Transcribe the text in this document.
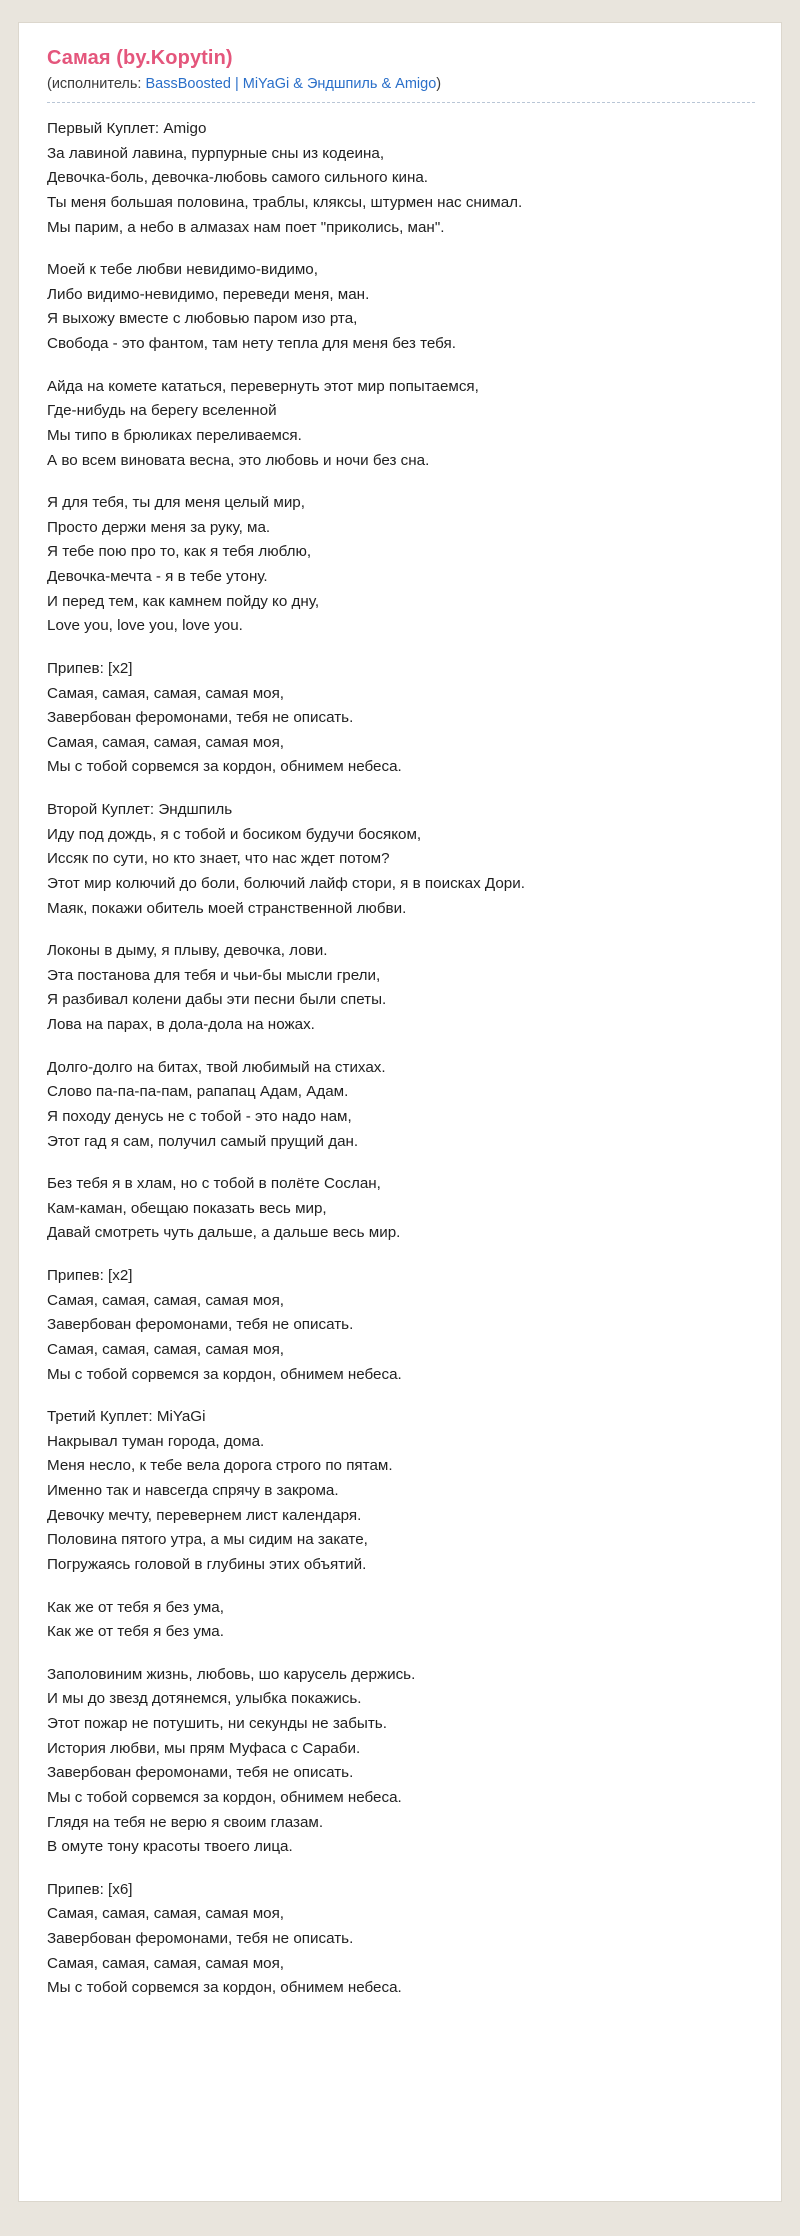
Самая (by.Kopytin)
(исполнитель: BassBoosted | MiYaGi & Эндшпиль & Amigo)
Первый Куплет: Amigo
За лавиной лавина, пурпурные сны из кодеина,
Девочка-боль, девочка-любовь самого сильного кина.
Ты меня большая половина, траблы, кляксы, штурмен нас снимал.
Мы парим, а небо в алмазах нам поет "приколись, ман".
Моей к тебе любви невидимо-видимо,
Либо видимо-невидимо, переведи меня, ман.
Я выхожу вместе с любовью паром изо рта,
Свобода - это фантом, там нету тепла для меня без тебя.
Айда на комете кататься, перевернуть этот мир попытаемся,
Где-нибудь на берегу вселенной
Мы типо в брюликах переливаемся.
А во всем виновата весна, это любовь и ночи без сна.
Я для тебя, ты для меня целый мир,
Просто держи меня за руку, ма.
Я тебе пою про то, как я тебя люблю,
Девочка-мечта - я в тебе утону.
И перед тем, как камнем пойду ко дну,
Love you, love you, love you.
Припев: [х2]
Самая, самая, самая, самая моя,
Завербован феромонами, тебя не описать.
Самая, самая, самая, самая моя,
Мы с тобой сорвемся за кордон, обнимем небеса.
Второй Куплет: Эндшпиль
Иду под дождь, я с тобой и босиком будучи босяком,
Иссяк по сути, но кто знает, что нас ждет потом?
Этот мир колючий до боли, болючий лайф стори, я в поисках Дори.
Маяк, покажи обитель моей странственной любви.
Локоны в дыму, я плыву, девочка, лови.
Эта постанова для тебя и чьи-бы мысли грели,
Я разбивал колени дабы эти песни были спеты.
Лова на парах, в дола-дола на ножах.
Долго-долго на битах, твой любимый на стихах.
Слово па-па-па-пам, рапапац Адам, Адам.
Я походу денусь не с тобой - это надо нам,
Этот гад я сам, получил самый прущий дан.
Без тебя я в хлам, но с тобой в полёте Сослан,
Кам-каман, обещаю показать весь мир,
Давай смотреть чуть дальше, а дальше весь мир.
Припев: [х2]
Самая, самая, самая, самая моя,
Завербован феромонами, тебя не описать.
Самая, самая, самая, самая моя,
Мы с тобой сорвемся за кордон, обнимем небеса.
Третий Куплет: MiYaGi
Накрывал туман города, дома.
Меня несло, к тебе вела дорога строго по пятам.
Именно так и навсегда спрячу в закрома.
Девочку мечту, перевернем лист календаря.
Половина пятого утра, а мы сидим на закате,
Погружаясь головой в глубины этих объятий.
Как же от тебя я без ума,
Как же от тебя я без ума.
Заполовиним жизнь, любовь, шо карусель держись.
И мы до звезд дотянемся, улыбка покажись.
Этот пожар не потушить, ни секунды не забыть.
История любви, мы прям Муфаса с Сараби.
Завербован феромонами, тебя не описать.
Мы с тобой сорвемся за кордон, обнимем небеса.
Глядя на тебя не верю я своим глазам.
В омуте тону красоты твоего лица.
Припев: [х6]
Самая, самая, самая, самая моя,
Завербован феромонами, тебя не описать.
Самая, самая, самая, самая моя,
Мы с тобой сорвемся за кордон, обнимем небеса.
